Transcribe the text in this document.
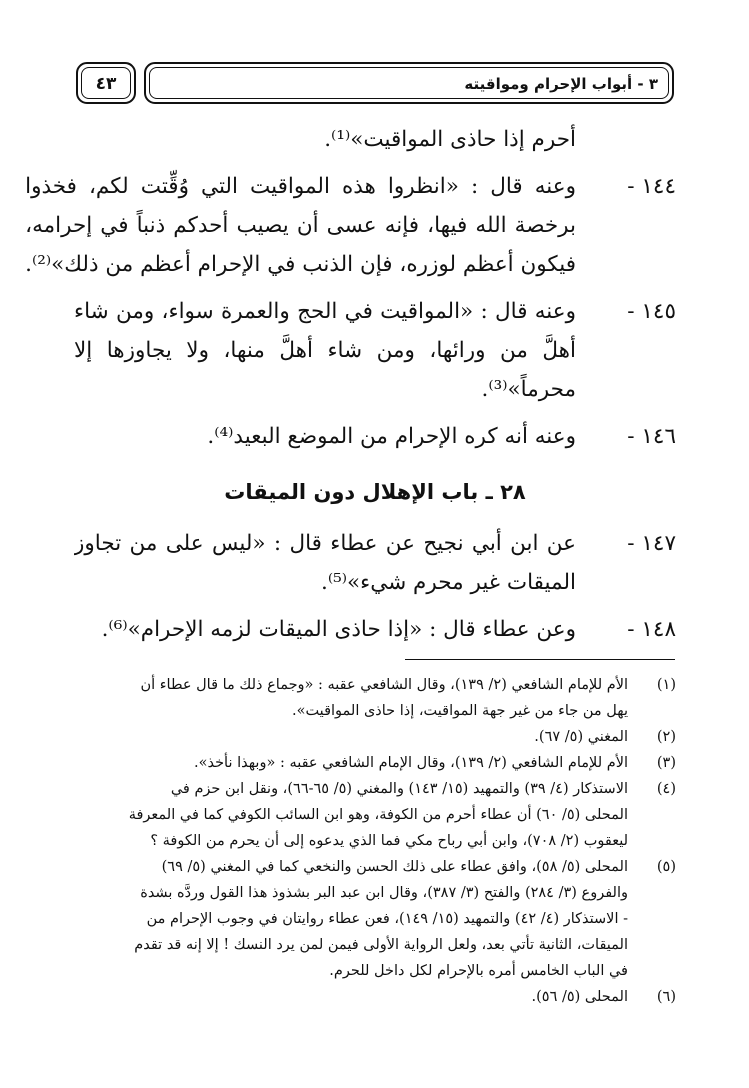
٣ - أبواب الإحرام ومواقيته
٤٣
أحرم إذا حاذى المواقيت»⁽¹⁾.
١٤٤ -
وعنه قال : «انظروا هذه المواقيت التي وُقِّتت لكم، فخذوا
برخصة الله فيها، فإنه عسى أن يصيب أحدكم ذنباً في إحرامه،
فيكون أعظم لوزره، فإن الذنب في الإحرام أعظم من ذلك»⁽²⁾.
١٤٥ -
وعنه قال : «المواقيت في الحج والعمرة سواء، ومن شاء
أهلَّ من ورائها، ومن شاء أهلَّ منها، ولا يجاوزها إلا
محرماً»⁽³⁾.
١٤٦ -
وعنه أنه كره الإحرام من الموضع البعيد⁽⁴⁾.
٢٨ ـ باب الإهلال دون الميقات
١٤٧ -
عن ابن أبي نجيح عن عطاء قال : «ليس على من تجاوز
الميقات غير محرم شيء»⁽⁵⁾.
١٤٨ -
وعن عطاء قال : «إذا حاذى الميقات لزمه الإحرام»⁽⁶⁾.
(١)
الأم للإمام الشافعي (٢/ ١٣٩)، وقال الشافعي عقبه : «وجماع ذلك ما قال عطاء أن
يهل من جاء من غير جهة المواقيت، إذا حاذى المواقيت».
(٢)
المغني (٥/ ٦٧).
(٣)
الأم للإمام الشافعي (٢/ ١٣٩)، وقال الإمام الشافعي عقبه : «وبهذا نأخذ».
(٤)
الاستذكار (٤/ ٣٩) والتمهيد (١٥/ ١٤٣) والمغني (٥/ ٦٥-٦٦)، ونقل ابن حزم في
المحلى (٥/ ٦٠) أن عطاء أحرم من الكوفة، وهو ابن السائب الكوفي كما في المعرفة
ليعقوب (٢/ ٧٠٨)، وابن أبي رباح مكي فما الذي يدعوه إلى أن يحرم من الكوفة ؟
(٥)
المحلى (٥/ ٥٨)، وافق عطاء على ذلك الحسن والنخعي كما في المغني (٥/ ٦٩)
والفروع (٣/ ٢٨٤) والفتح (٣/ ٣٨٧)، وقال ابن عبد البر بشذوذ هذا القول وردَّه بشدة
- الاستذكار (٤/ ٤٢) والتمهيد (١٥/ ١٤٩)، فعن عطاء روايتان في وجوب الإحرام من
الميقات، الثانية تأتي بعد، ولعل الرواية الأولى فيمن لمن يرد النسك ! إلا إنه قد تقدم
في الباب الخامس أمره بالإحرام لكل داخل للحرم.
(٦)
المحلى (٥/ ٥٦).
